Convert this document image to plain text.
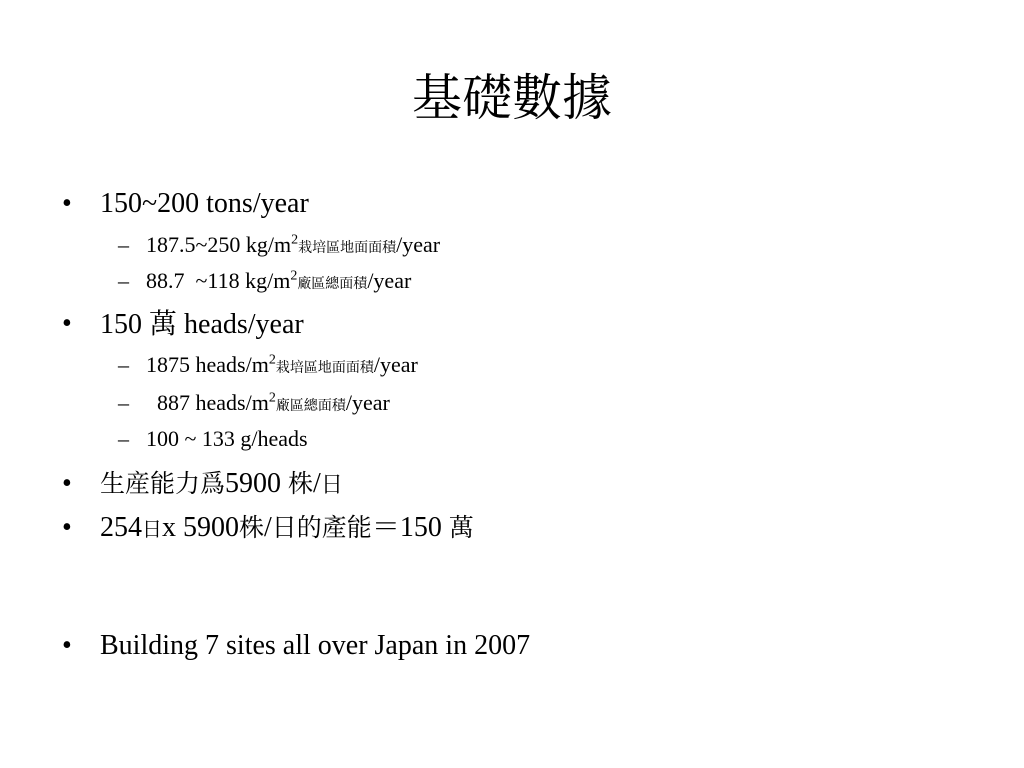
基礎數據
• 150~200 tons/year
– 187.5~250 $kg/m^2$栽培區地面面積/year
– 88.7  ~118 $kg/m^2$廠區總面積/year
• 150 萬 heads/year
– 1875 heads/$m^2$栽培區地面面積/year
– 887 heads/$m^2$廠區總面積/year
– 100 ~ 133 g/heads
• 生産能力爲5900 株/日
• 254日x 5900株/日的產能＝150 萬
• Building 7 sites all over Japan in 2007
